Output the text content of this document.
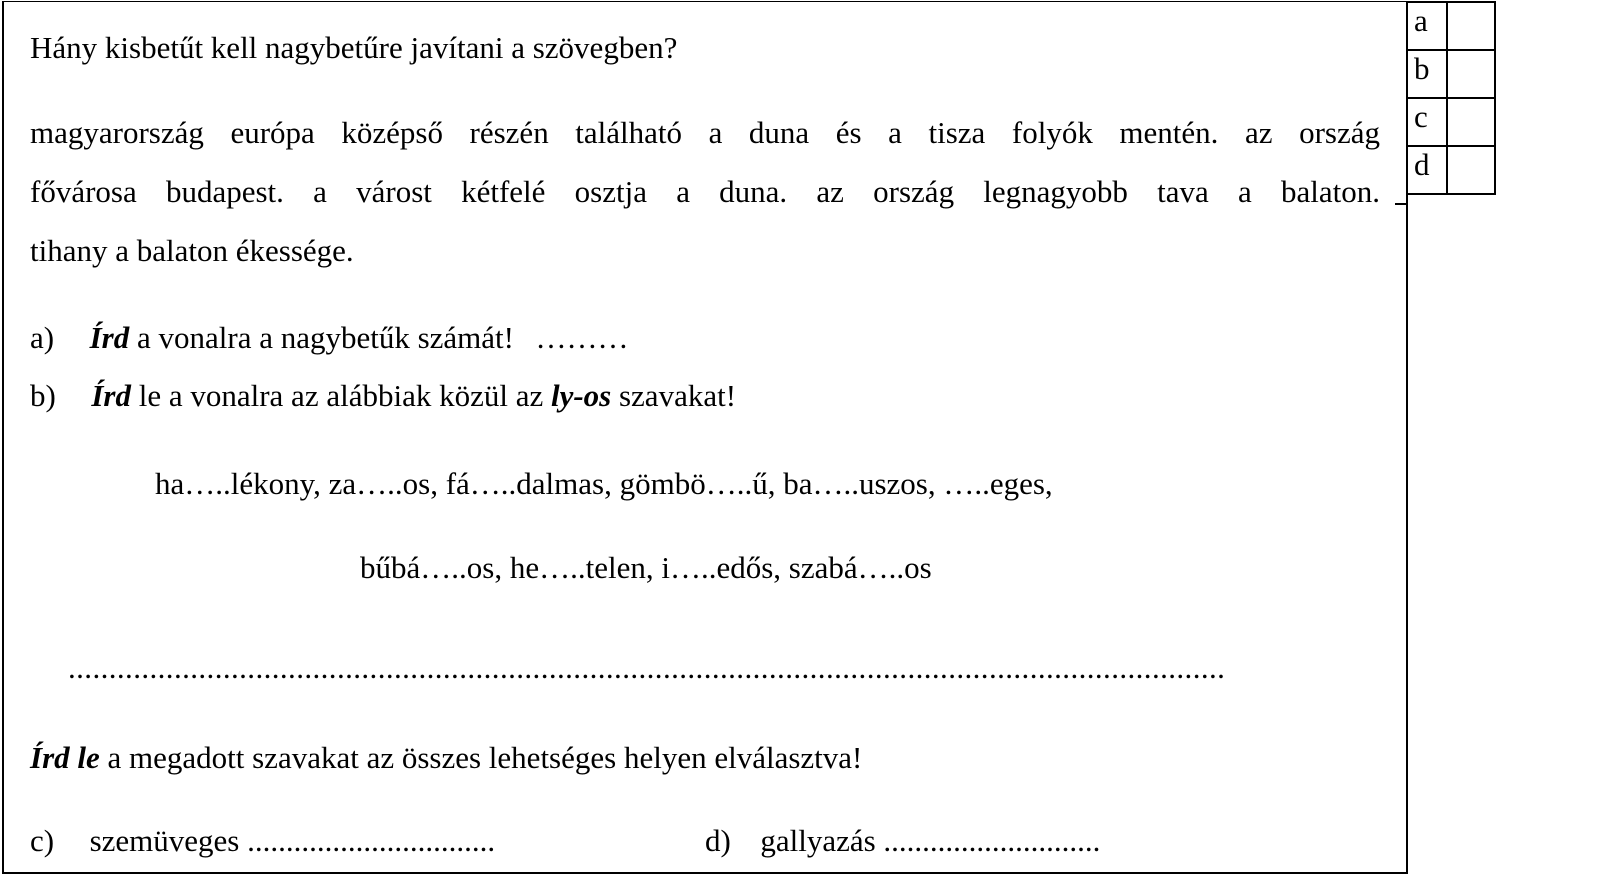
Hány kisbetűt kell nagybetűre javítani a szövegben?
magyarország európa középső részén található a duna és a tisza folyók mentén. az ország
fővárosa budapest. a várost kétfelé osztja a duna. az ország legnagyobb tava a balaton.
tihany a balaton ékessége.
a) Írd a vonalra a nagybetűk számát! ………
b) Írd le a vonalra az alábbiak közül az ly-os szavakat!
ha…..lékony, za…..os, fá…..dalmas, gömbö…..ű, ba…..uszos, …..eges,
bűbá…..os, he…..telen, i…..edős, szabá…..os
..............................................................................................................................................
Írd le a megadott szavakat az összes lehetséges helyen elválasztva!
c) szemüveges ................................	d) gallyazás ............................
a	
b	
c	
d	
